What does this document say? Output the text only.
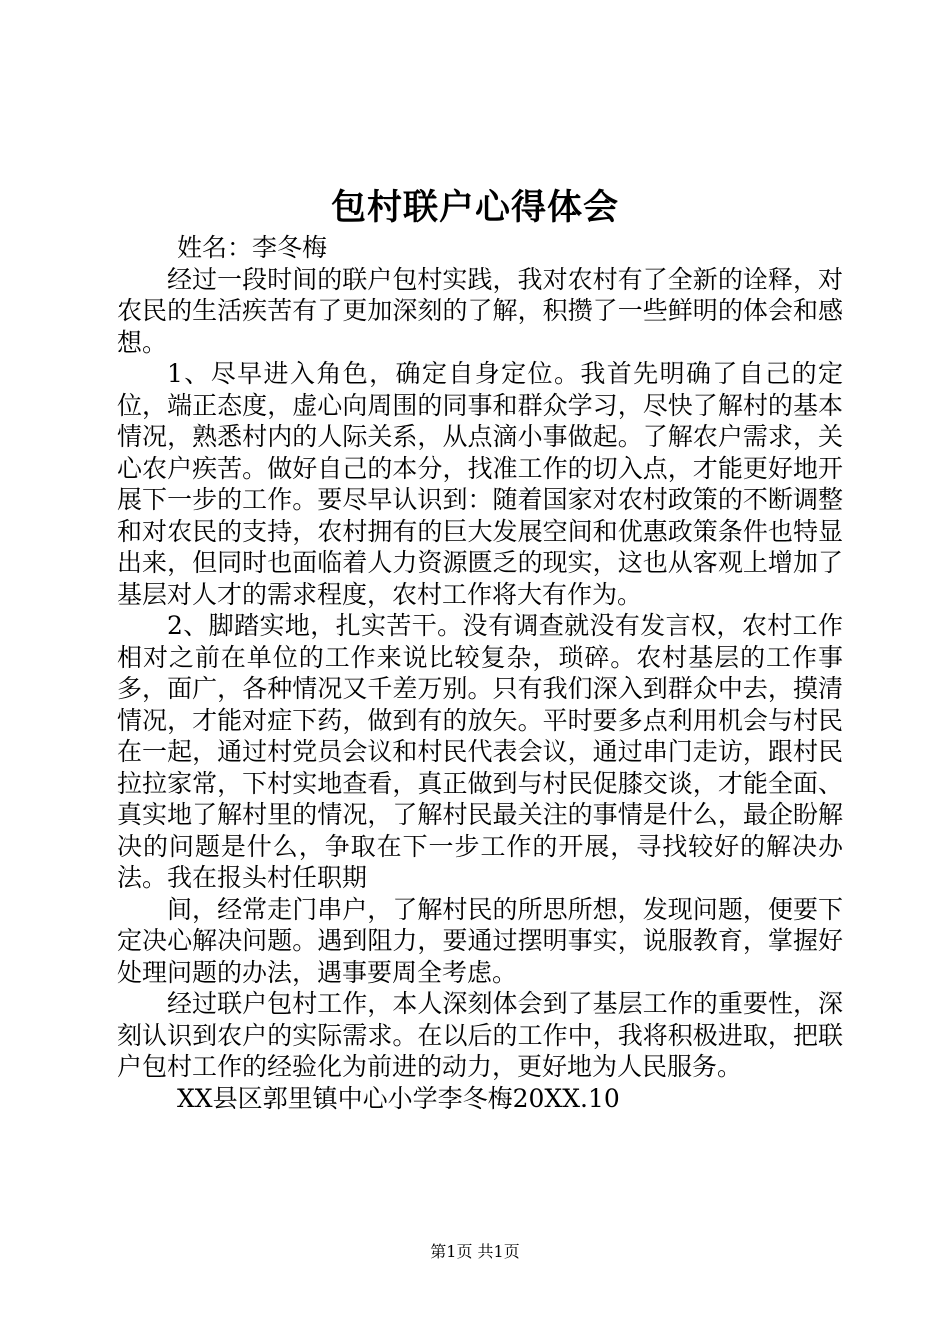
包村联户心得体会

姓名：李冬梅

经过一段时间的联户包村实践，我对农村有了全新的诠释，对农民的生活疾苦有了更加深刻的了解，积攒了一些鲜明的体会和感想。

1、尽早进入角色，确定自身定位。我首先明确了自己的定位，端正态度，虚心向周围的同事和群众学习，尽快了解村的基本情况，熟悉村内的人际关系，从点滴小事做起。了解农户需求，关心农户疾苦。做好自己的本分，找准工作的切入点，才能更好地开展下一步的工作。要尽早认识到：随着国家对农村政策的不断调整和对农民的支持，农村拥有的巨大发展空间和优惠政策条件也特显出来，但同时也面临着人力资源匮乏的现实，这也从客观上增加了基层对人才的需求程度，农村工作将大有作为。

2、脚踏实地，扎实苦干。没有调查就没有发言权，农村工作相对之前在单位的工作来说比较复杂，琐碎。农村基层的工作事多，面广，各种情况又千差万别。只有我们深入到群众中去，摸清情况，才能对症下药，做到有的放矢。平时要多点利用机会与村民在一起，通过村党员会议和村民代表会议，通过串门走访，跟村民拉拉家常，下村实地查看，真正做到与村民促膝交谈，才能全面、真实地了解村里的情况，了解村民最关注的事情是什么，最企盼解决的问题是什么，争取在下一步工作的开展，寻找较好的解决办法。我在报头村任职期

间，经常走门串户，了解村民的所思所想，发现问题，便要下定决心解决问题。遇到阻力，要通过摆明事实，说服教育，掌握好处理问题的办法，遇事要周全考虑。

经过联户包村工作，本人深刻体会到了基层工作的重要性，深刻认识到农户的实际需求。在以后的工作中，我将积极进取，把联户包村工作的经验化为前进的动力，更好地为人民服务。

XX县区郭里镇中心小学李冬梅20XX.10

第1页 共1页
